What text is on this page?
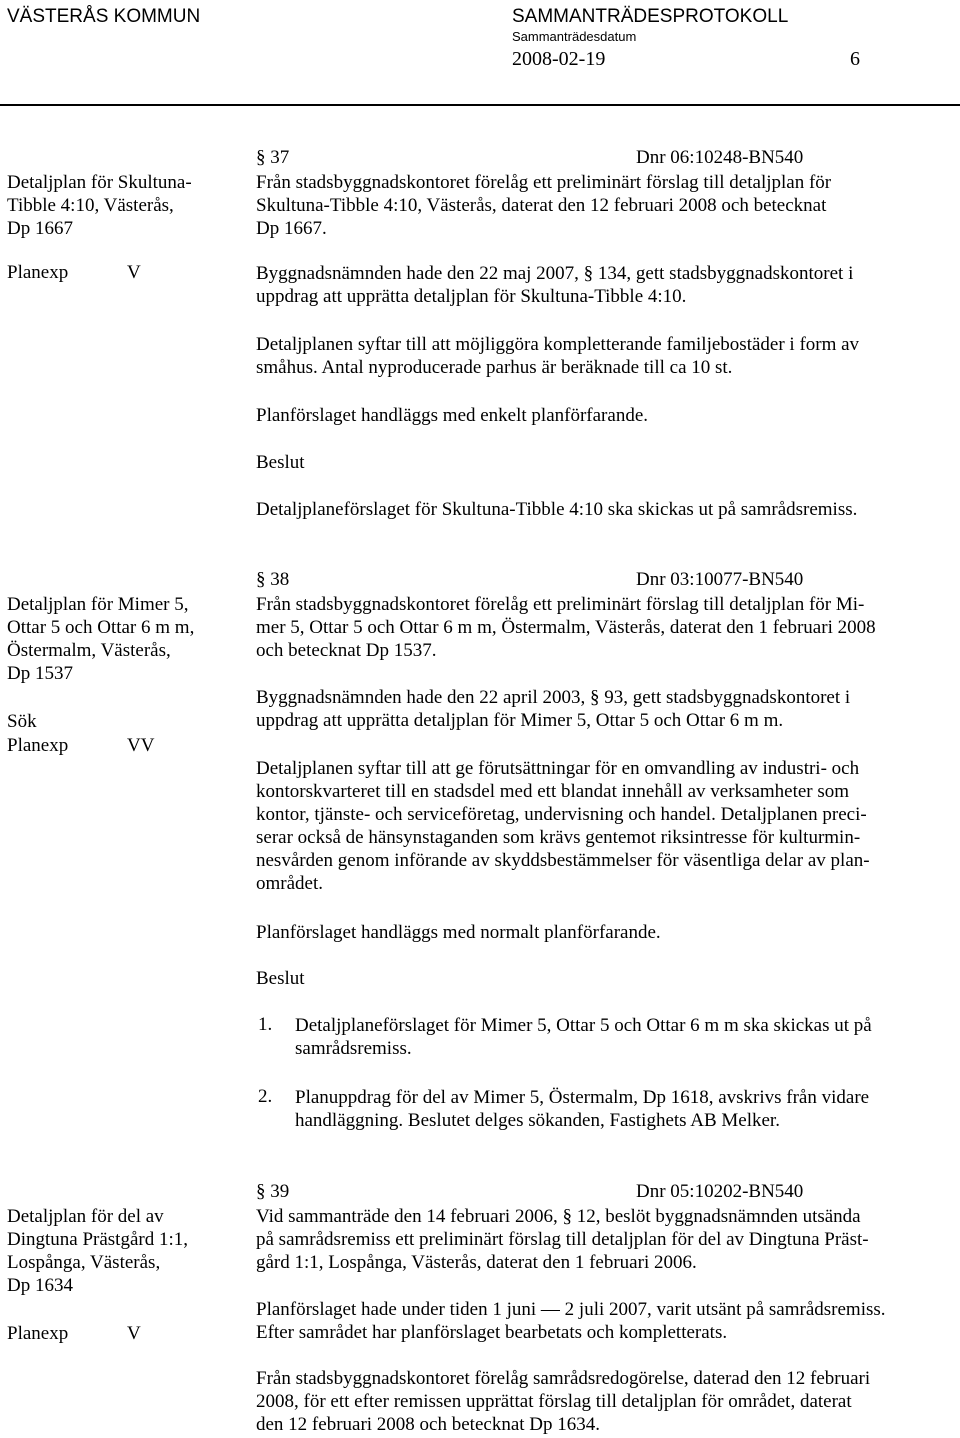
VÄSTERÅS KOMMUN	SAMMANTRÄDESPROTOKOLL
Sammanträdesdatum
2008-02-19	6
Detaljplan för Skultuna-
Tibble 4:10, Västerås,
Dp 1667
Planexp	V
§ 37	Dnr 06:10248-BN540
Från stadsbyggnadskontoret förelåg ett preliminärt förslag till detaljplan för
Skultuna-Tibble 4:10, Västerås, daterat den 12 februari 2008 och betecknat
Dp 1667.
Byggnadsnämnden hade den 22 maj 2007, § 134, gett stadsbyggnadskontoret i
uppdrag att upprätta detaljplan för Skultuna-Tibble 4:10.
Detaljplanen syftar till att möjliggöra kompletterande familjebostäder i form av
småhus. Antal nyproducerade parhus är beräknade till ca 10 st.
Planförslaget handläggs med enkelt planförfarande.
Beslut
Detaljplaneförslaget för Skultuna-Tibble 4:10 ska skickas ut på samrådsremiss.
Detaljplan för Mimer 5,
Ottar 5 och Ottar 6 m m,
Östermalm, Västerås,
Dp 1537
Sök
Planexp	VV
§ 38	Dnr 03:10077-BN540
Från stadsbyggnadskontoret förelåg ett preliminärt förslag till detaljplan för Mi-
mer 5, Ottar 5 och Ottar 6 m m, Östermalm, Västerås, daterat den 1 februari 2008
och betecknat Dp 1537.
Byggnadsnämnden hade den 22 april 2003, § 93, gett stadsbyggnadskontoret i
uppdrag att upprätta detaljplan för Mimer 5, Ottar 5 och Ottar 6 m m.
Detaljplanen syftar till att ge förutsättningar för en omvandling av industri- och
kontorskvarteret till en stadsdel med ett blandat innehåll av verksamheter som
kontor, tjänste- och serviceföretag, undervisning och handel. Detaljplanen preci-
serar också de hänsynstaganden som krävs gentemot riksintresse för kulturmin-
nesvården genom införande av skyddsbestämmelser för väsentliga delar av plan-
området.
Planförslaget handläggs med normalt planförfarande.
Beslut
1. Detaljplaneförslaget för Mimer 5, Ottar 5 och Ottar 6 m m ska skickas ut på
samrådsremiss.
2. Planuppdrag för del av Mimer 5, Östermalm, Dp 1618, avskrivs från vidare
handläggning. Beslutet delges sökanden, Fastighets AB Melker.
Detaljplan för del av
Dingtuna Prästgård 1:1,
Lospånga, Västerås,
Dp 1634
Planexp	V
§ 39	Dnr 05:10202-BN540
Vid sammanträde den 14 februari 2006, § 12, beslöt byggnadsnämnden utsända
på samrådsremiss ett preliminärt förslag till detaljplan för del av Dingtuna Präst-
gård 1:1, Lospånga, Västerås, daterat den 1 februari 2006.
Planförslaget hade under tiden 1 juni — 2 juli 2007, varit utsänt på samrådsremiss.
Efter samrådet har planförslaget bearbetats och kompletterats.
Från stadsbyggnadskontoret förelåg samrådsredogörelse, daterad den 12 februari
2008, för ett efter remissen upprättat förslag till detaljplan för området, daterat
den 12 februari 2008 och betecknat Dp 1634.
